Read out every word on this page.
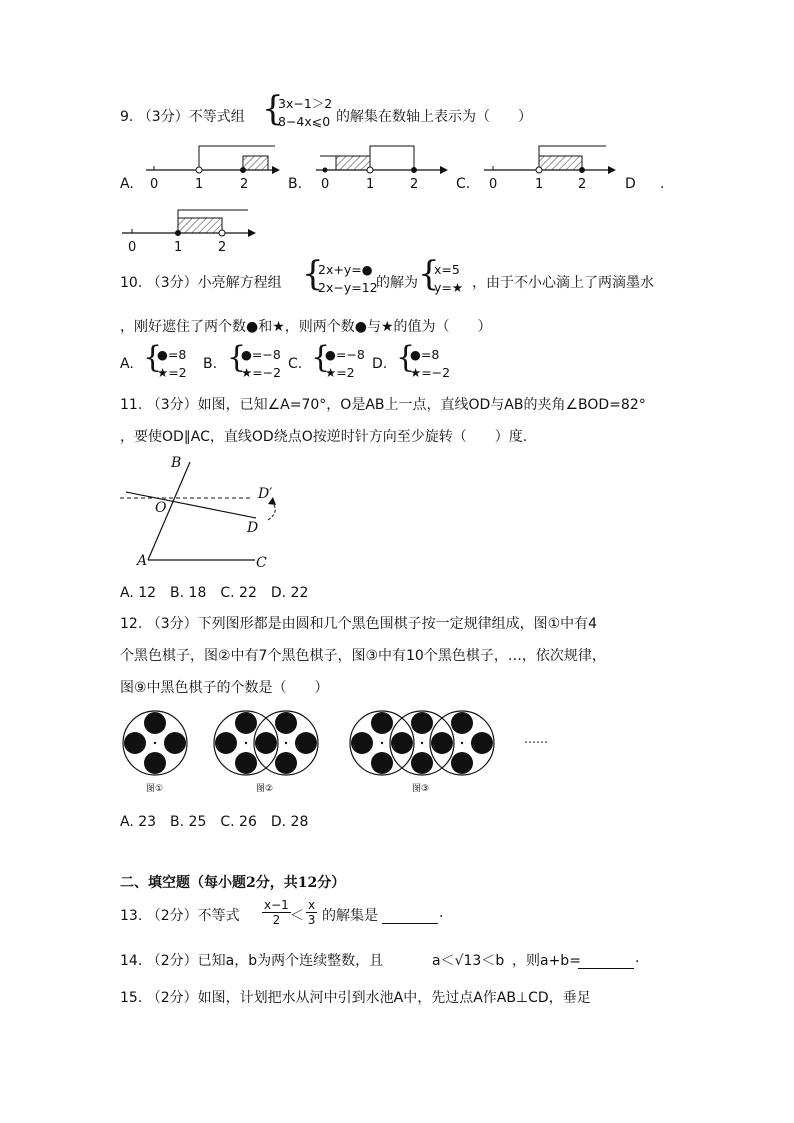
9. （3分）不等式组 {
3x−1＞2
8−4x⩽0 的解集在数轴上表示为（　　）
A.	B.	C.	D .
0	1	2	0	1	2	0	1	2
0	1	2
10. （3分）小亮解方程组 {
2x+y=●
2x−y=12
的解为 {
x=5
y=★ ，由于不小心滴上了两滴墨水
，刚好遮住了两个数●和★，则两个数●与★的值为（　　）
A. {
●=8
★=2
B. {
●=−8
★=−2
C. {
●=−8
★=2
D. {
●=8
★=−2
11. （3分）如图，已知∠A=70°，O是AB上一点，直线OD与AB的夹角∠BOD=82°
，要使OD∥AC，直线OD绕点O按逆时针方向至少旋转（　　）度.
B
O
D′
D
A	C
A. 12　B. 18　C. 22　D. 22
12. （3分）下列图形都是由圆和几个黑色围棋子按一定规律组成，图①中有4
个黑色棋子，图②中有7个黑色棋子，图③中有10个黑色棋子，…，依次规律，
图⑨中黑色棋子的个数是（　　）
图①	图②	图③
……
A. 23　B. 25　C. 26　D. 28
二、填空题（每小题2分，共12分）
13. （2分）不等式 $\frac{x-1}{2} < \frac{x}{3}$ 的解集是	.
14. （2分）已知a，b为两个连续整数，且	a＜√13＜b ，则a+b=	.
15. （2分）如图，计划把水从河中引到水池A中，先过点A作AB⊥CD，垂足
